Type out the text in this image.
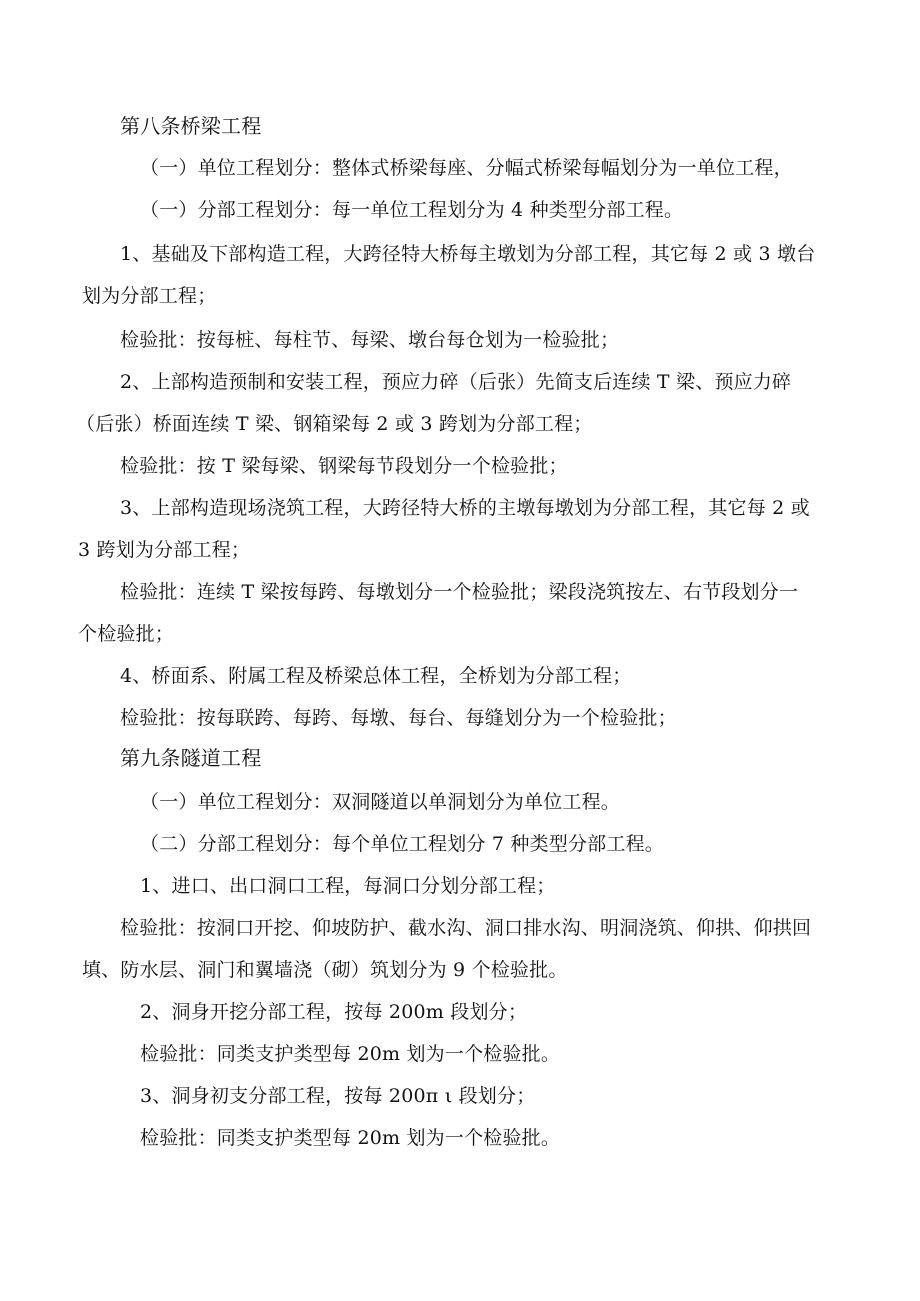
第八条桥梁工程
（一）单位工程划分：整体式桥梁每座、分幅式桥梁每幅划分为一单位工程，
（一）分部工程划分：每一单位工程划分为 4 种类型分部工程。
1、基础及下部构造工程，大跨径特大桥每主墩划为分部工程，其它每 2 或 3 墩台
划为分部工程；
检验批：按每桩、每柱节、每梁、墩台每仓划为一检验批；
2、上部构造预制和安装工程，预应力碎（后张）先简支后连续 T 梁、预应力碎
（后张）桥面连续 T 梁、钢箱梁每 2 或 3 跨划为分部工程；
检验批：按 T 梁每梁、钢梁每节段划分一个检验批；
3、上部构造现场浇筑工程，大跨径特大桥的主墩每墩划为分部工程，其它每 2 或
3 跨划为分部工程；
检验批：连续 T 梁按每跨、每墩划分一个检验批；梁段浇筑按左、右节段划分一
个检验批；
4、桥面系、附属工程及桥梁总体工程，全桥划为分部工程；
检验批：按每联跨、每跨、每墩、每台、每缝划分为一个检验批；
第九条隧道工程
（一）单位工程划分：双洞隧道以单洞划分为单位工程。
（二）分部工程划分：每个单位工程划分 7 种类型分部工程。
1、进口、出口洞口工程，每洞口分划分部工程；
检验批：按洞口开挖、仰坡防护、截水沟、洞口排水沟、明洞浇筑、仰拱、仰拱回
填、防水层、洞门和翼墙浇（砌）筑划分为 9 个检验批。
2、洞身开挖分部工程，按每 200m 段划分；
检验批：同类支护类型每 20m 划为一个检验批。
3、洞身初支分部工程，按每 200π ι 段划分；
检验批：同类支护类型每 20m 划为一个检验批。
